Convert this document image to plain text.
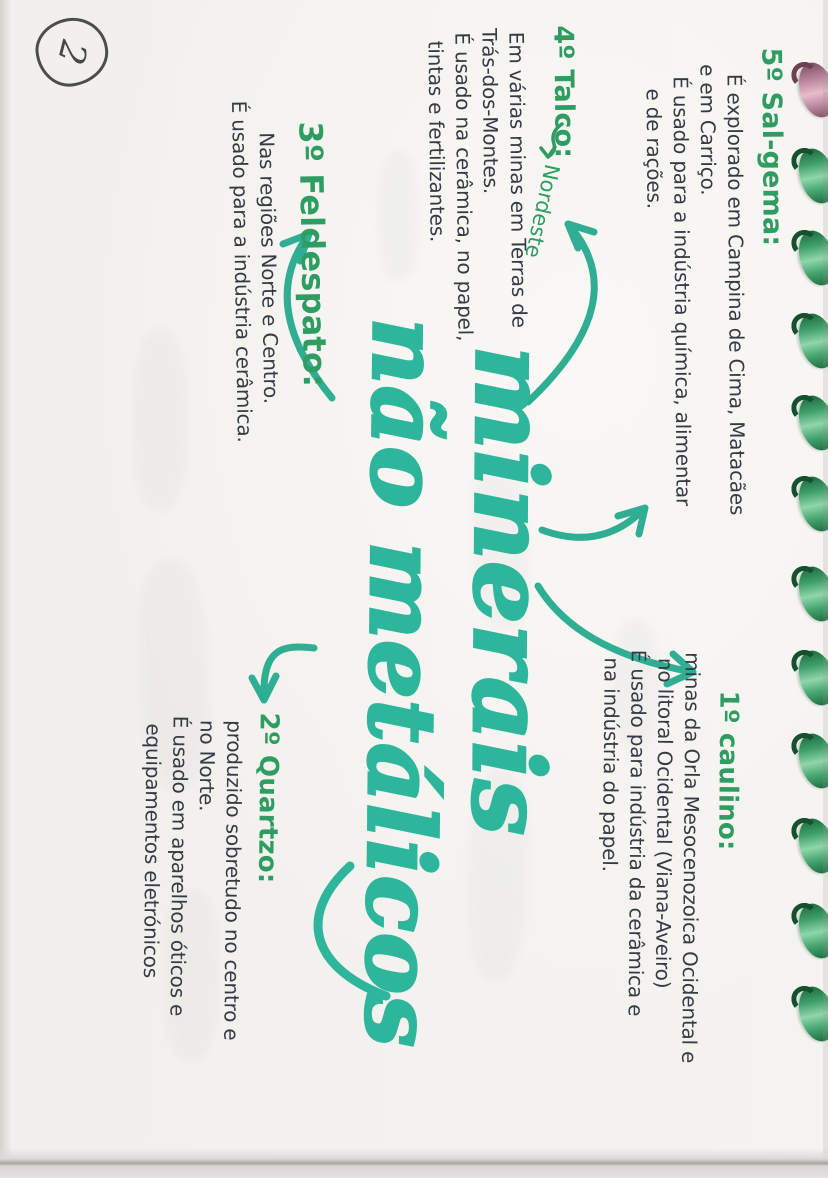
5º Sal-gema:
É explorado em Campina de Cima, Matacães
e em Carriço.
É usado para a indústria química, alimentar
e de rações.
4º Talco:
Nordeste
Em várias minas em Terras de
Trás-dos-Montes.
É usado na cerâmica, no papel,
tintas e fertilizantes.
3º Feldespato:
Nas regiões Norte e Centro.
É usado para a indústria cerâmica.
minerais
não metálicos	1º caulino:
minas da Orla Mesocenozoica Ocidental e
no litoral Ocidental (Viana-Aveiro)
É usado para indústria da cerâmica e
na indústria do papel.
2º Quartzo:
produzido sobretudo no centro e
no Norte.
É usado em aparelhos óticos e
equipamentos eletrónicos
2
